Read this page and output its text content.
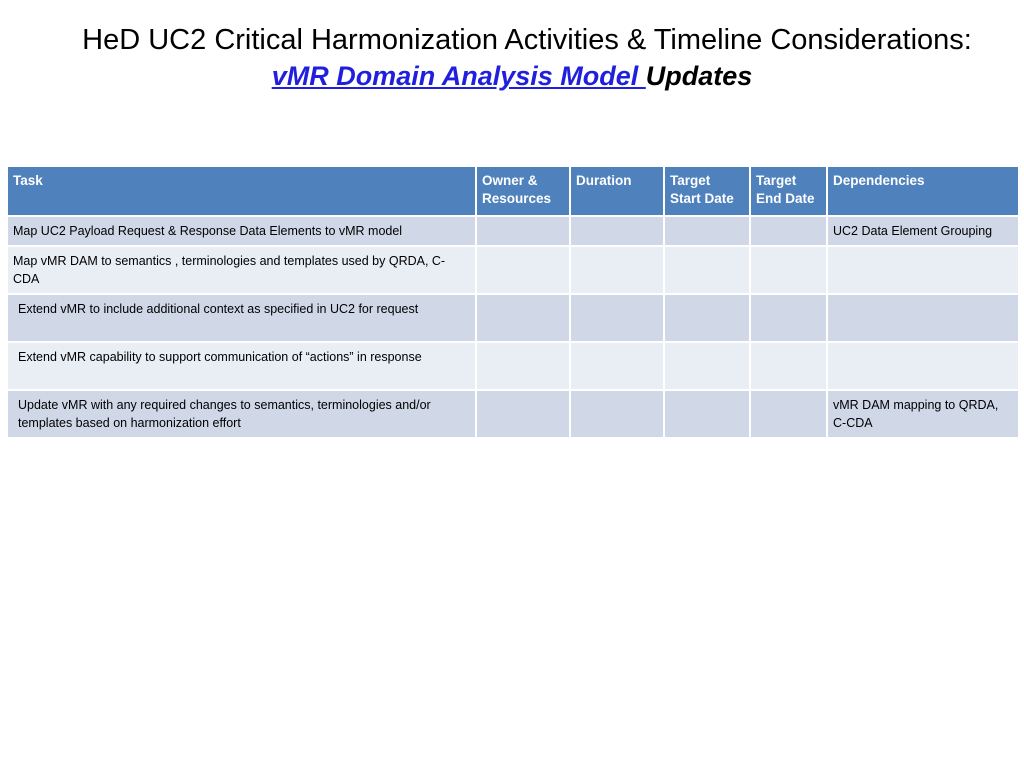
HeD UC2 Critical Harmonization Activities & Timeline Considerations:
vMR Domain Analysis Model Updates
Task	Owner & Resources	Duration	Target Start Date	Target End Date	Dependencies
Map UC2 Payload Request & Response Data Elements to vMR model					UC2 Data Element Grouping
Map vMR DAM to semantics , terminologies and templates used by QRDA, C-CDA					
Extend vMR to include additional context as specified in UC2 for request					
Extend vMR capability to support communication of “actions” in response					
Update vMR with any required changes to semantics, terminologies and/or templates based on harmonization effort					vMR DAM mapping to QRDA, C-CDA
